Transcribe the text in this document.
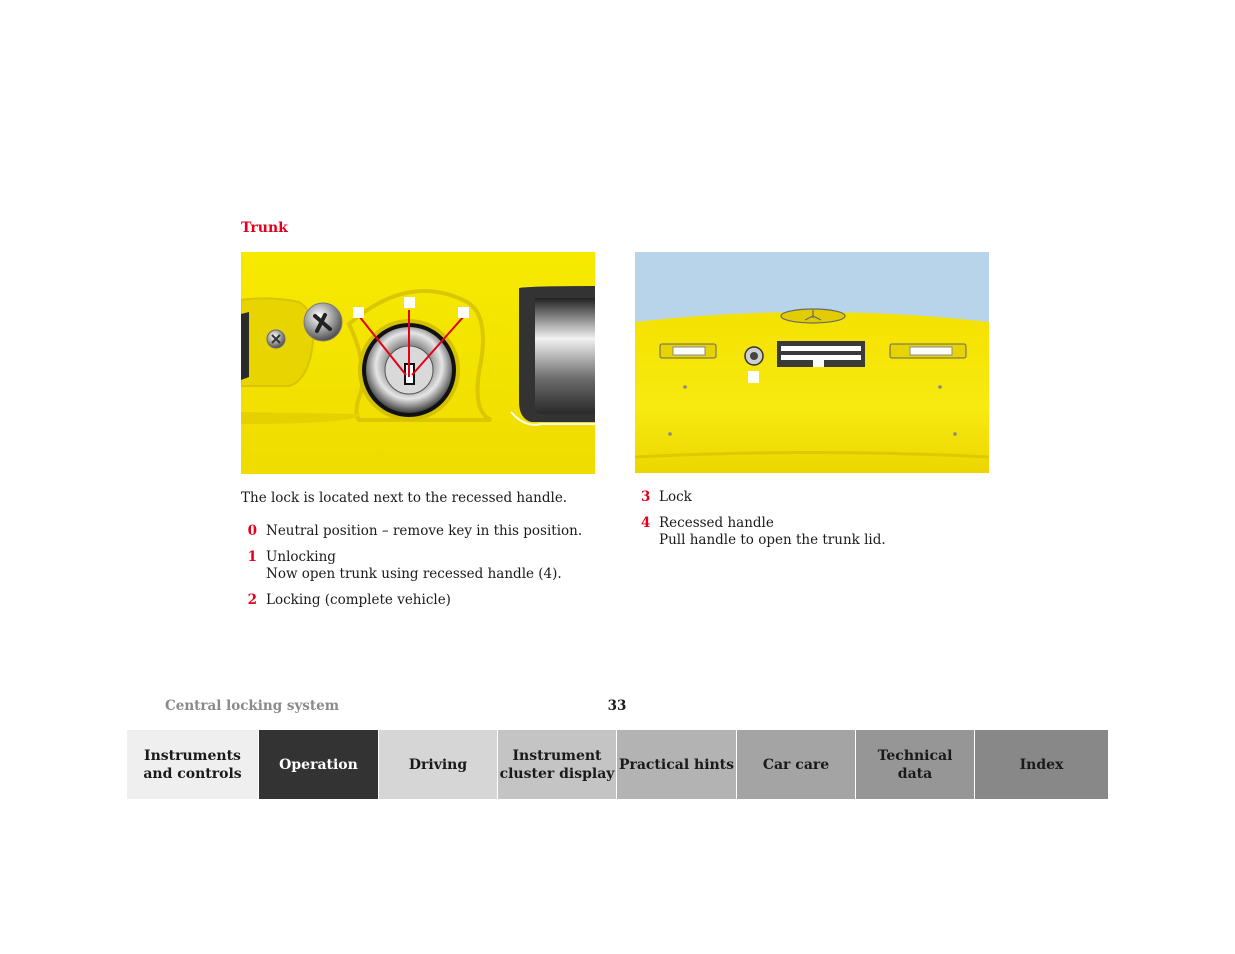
Trunk

The lock is located next to the recessed handle.

0 Neutral position – remove key in this position.
1 Unlocking
Now open trunk using recessed handle (4).
2 Locking (complete vehicle)
3 Lock
4 Recessed handle
Pull handle to open the trunk lid.
Central locking system	33
Instruments
and controls
Operation	Driving
Instrument
cluster display
Practical hints Car care
Technical
data
Index
